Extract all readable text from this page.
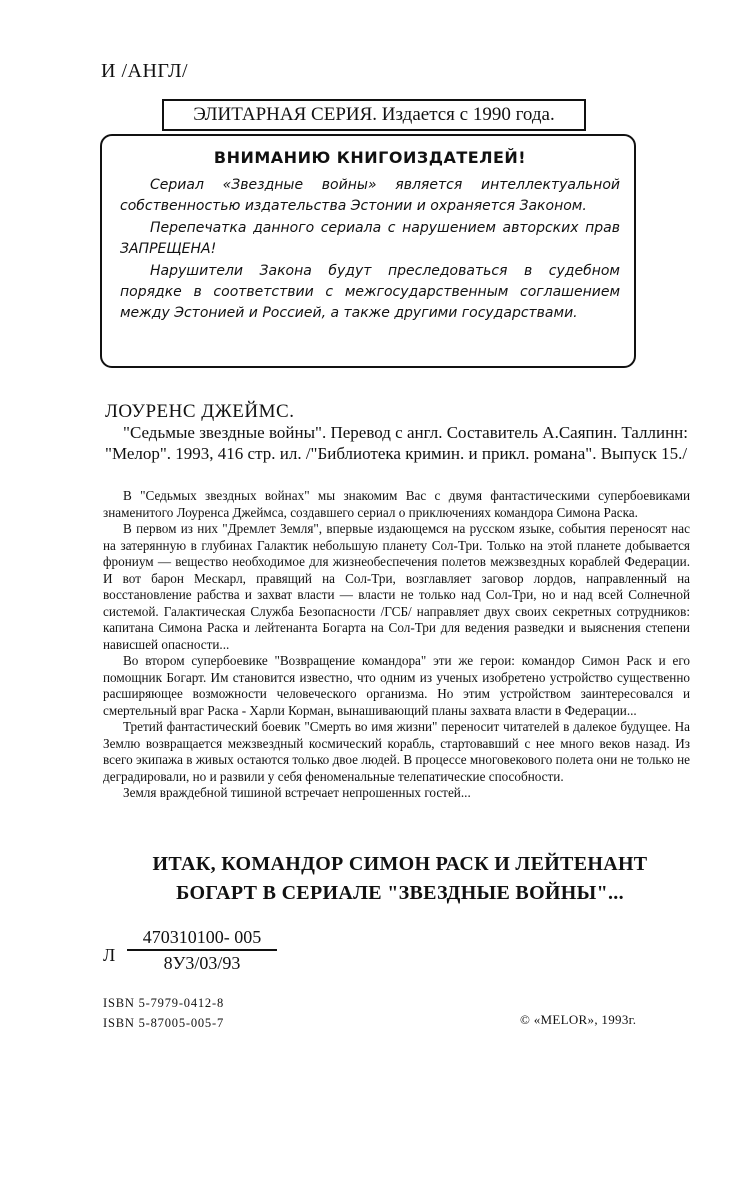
И /АНГЛ/
ЭЛИТАРНАЯ СЕРИЯ. Издается с 1990 года.
ВНИМАНИЮ КНИГОИЗДАТЕЛЕЙ!

Сериал «Звездные войны» является интеллектуальной собственностью издательства Эстонии и охраняется Законом.

Перепечатка данного сериала с нарушением авторских прав ЗАПРЕЩЕНА!

Нарушители Закона будут преследоваться в судебном порядке в соответствии с межгосударственным соглашением между Эстонией и Россией, а также другими государствами.

ЛОУРЕНС ДЖЕЙМС.
"Седьмые звездные войны". Перевод с англ. Составитель А.Саяпин. Таллинн: "Мелор". 1993, 416 стр. ил. /"Библиотека кримин. и прикл. романа". Выпуск 15./

В "Седьмых звездных войнах" мы знакомим Вас с двумя фантастическими супербоевиками знаменитого Лоуренса Джеймса, создавшего сериал о приключениях командора Симона Раска.

В первом из них "Дремлет Земля", впервые издающемся на русском языке, события переносят нас на затерянную в глубинах Галактик небольшую планету Сол-Три. Только на этой планете добывается фрониум — вещество необходимое для жизнеобеспечения полетов межзвездных кораблей Федерации. И вот барон Мескарл, правящий на Сол-Три, возглавляет заговор лордов, направленный на восстановление рабства и захват власти — власти не только над Сол-Три, но и над всей Солнечной системой. Галактическая Служба Безопасности /ГСБ/ направляет двух своих секретных сотрудников: капитана Симона Раска и лейтенанта Богарта на Сол-Три для ведения разведки и выяснения степени нависшей опасности...

Во втором супербоевике "Возвращение командора" эти же герои: командор Симон Раск и его помощник Богарт. Им становится известно, что одним из ученых изобретено устройство существенно расширяющее возможности человеческого организма. Но этим устройством заинтересовался и смертельный враг Раска - Харли Корман, вынашивающий планы захвата власти в Федерации...

Третий фантастический боевик "Смерть во имя жизни" переносит читателей в далекое будущее. На Землю возвращается межзвездный космический корабль, стартовавший с нее много веков назад. Из всего экипажа в живых остаются только двое людей. В процессе многовекового полета они не только не деградировали, но и развили у себя феноменальные телепатические способности.

Земля враждебной тишиной встречает непрошенных гостей...

ИТАК, КОМАНДОР СИМОН РАСК И ЛЕЙТЕНАНТ
БОГАРТ В СЕРИАЛЕ "ЗВЕЗДНЫЕ ВОЙНЫ"...
Л
470310100- 005
8У3/03/93
ISBN 5-7979-0412-8
ISBN 5-87005-005-7	© «MELOR», 1993г.
